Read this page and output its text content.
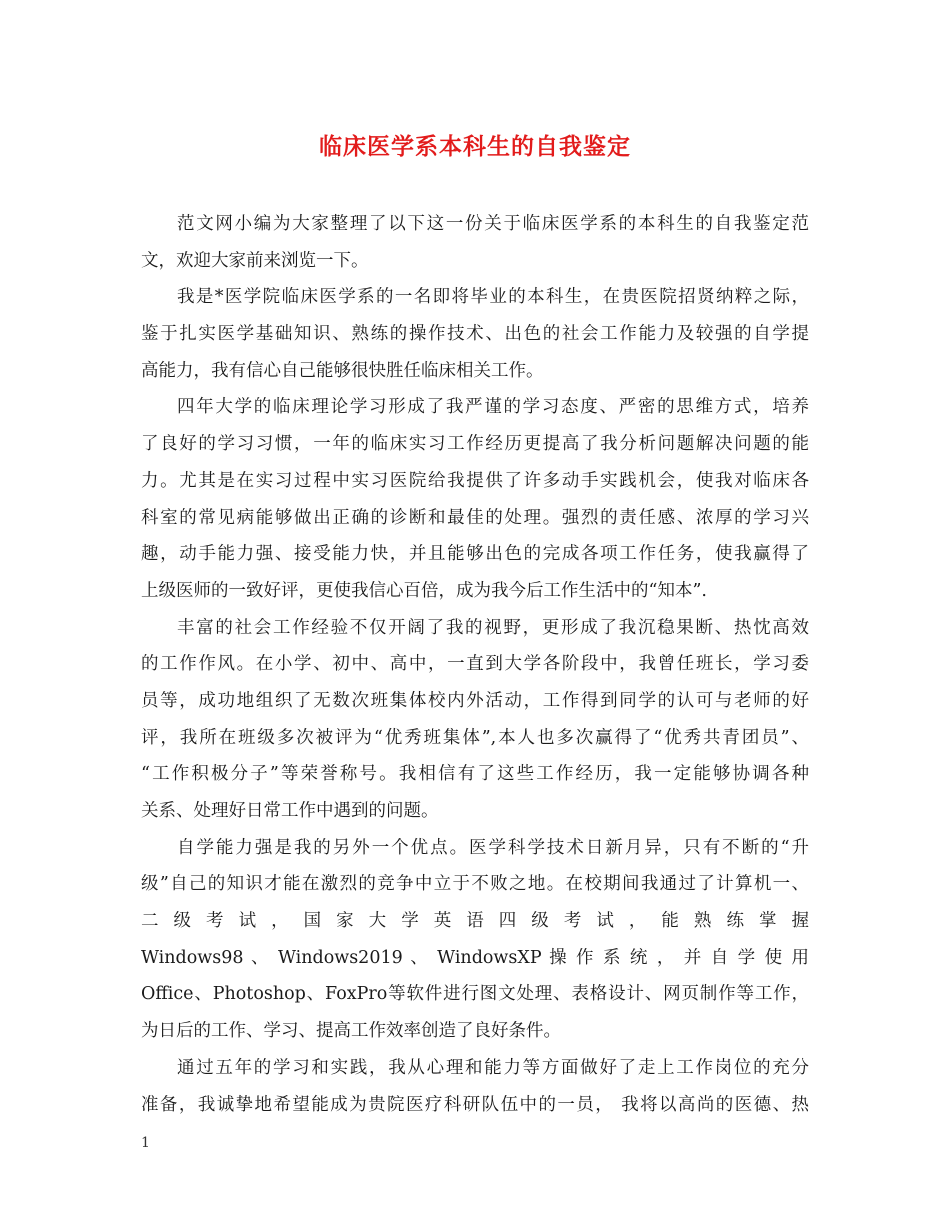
临床医学系本科生的自我鉴定
范文网小编为大家整理了以下这一份关于临床医学系的本科生的自我鉴定范
文，欢迎大家前来浏览一下。
我是*医学院临床医学系的一名即将毕业的本科生，在贵医院招贤纳粹之际，
鉴于扎实医学基础知识、熟练的操作技术、出色的社会工作能力及较强的自学提
高能力，我有信心自己能够很快胜任临床相关工作。
四年大学的临床理论学习形成了我严谨的学习态度、严密的思维方式，培养
了良好的学习习惯，一年的临床实习工作经历更提高了我分析问题解决问题的能
力。尤其是在实习过程中实习医院给我提供了许多动手实践机会，使我对临床各
科室的常见病能够做出正确的诊断和最佳的处理。强烈的责任感、浓厚的学习兴
趣，动手能力强、接受能力快，并且能够出色的完成各项工作任务，使我赢得了
上级医师的一致好评，更使我信心百倍，成为我今后工作生活中的“知本”.
丰富的社会工作经验不仅开阔了我的视野，更形成了我沉稳果断、热忱高效
的工作作风。在小学、初中、高中，一直到大学各阶段中，我曾任班长，学习委
员等，成功地组织了无数次班集体校内外活动，工作得到同学的认可与老师的好
评，我所在班级多次被评为“优秀班集体”,本人也多次赢得了“优秀共青团员”、
“工作积极分子”等荣誉称号。我相信有了这些工作经历，我一定能够协调各种
关系、处理好日常工作中遇到的问题。
自学能力强是我的另外一个优点。医学科学技术日新月异，只有不断的“升
级”自己的知识才能在激烈的竞争中立于不败之地。在校期间我通过了计算机一、
二 级 考 试 ， 国 家 大 学 英 语 四 级 考 试 ， 能 熟 练 掌 握
Windows98 、 Windows2019 、 WindowsXP 操 作 系 统 ， 并 自 学 使 用
Office、Photoshop、FoxPro等软件进行图文处理、表格设计、网页制作等工作，
为日后的工作、学习、提高工作效率创造了良好条件。
通过五年的学习和实践，我从心理和能力等方面做好了走上工作岗位的充分
准备，我诚挚地希望能成为贵院医疗科研队伍中的一员， 我将以高尚的医德、热
1
